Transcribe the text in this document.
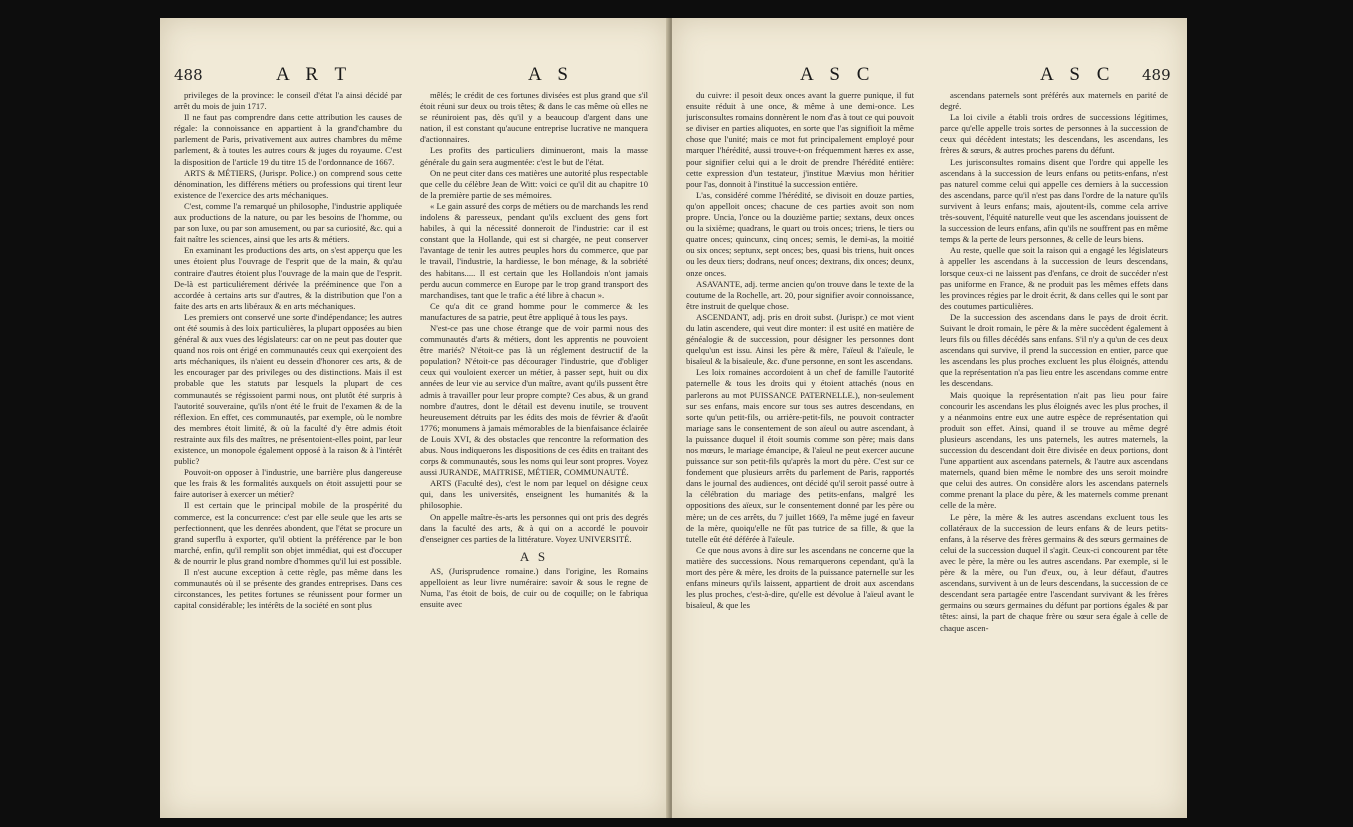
488	A R T	A S

privileges de la province: le conseil d'état l'a ainsi décidé par arrêt du mois de juin 1717.

Il ne faut pas comprendre dans cette attribution les causes de régale: la connoissance en appartient à la grand'chambre du parlement de Paris, privativement aux autres chambres du même parlement, & à toutes les autres cours & juges du royaume. C'est la disposition de l'article 19 du titre 15 de l'ordonnance de 1667.

ARTS & MÉTIERS, (Jurispr. Police.) on comprend sous cette dénomination, les différens métiers ou professions qui tirent leur existence de l'exercice des arts méchaniques.

C'est, comme l'a remarqué un philosophe, l'industrie appliquée aux productions de la nature, ou par les besoins de l'homme, ou par son luxe, ou par son amusement, ou par sa curiosité, &c. qui a fait naître les sciences, ainsi que les arts & métiers.

En examinant les productions des arts, on s'est apperçu que les unes étoient plus l'ouvrage de l'esprit que de la main, & qu'au contraire d'autres étoient plus l'ouvrage de la main que de l'esprit. De-là est particuliérement dérivée la prééminence que l'on a accordée à certains arts sur d'autres, & la distribution que l'on a faite des arts en arts libéraux & en arts méchaniques.

Les premiers ont conservé une sorte d'indépendance; les autres ont été soumis à des loix particulières, la plupart opposées au bien général & aux vues des législateurs: car on ne peut pas douter que quand nos rois ont érigé en communautés ceux qui exerçoient des arts méchaniques, ils n'aient eu dessein d'honorer ces arts, & de les encourager par des privileges ou des distinctions. Mais il est probable que les statuts par lesquels la plupart de ces communautés se régissoient parmi nous, ont plutôt été surpris à l'autorité souveraine, qu'ils n'ont été le fruit de l'examen & de la réflexion. En effet, ces communautés, par exemple, où le nombre des membres étoit limité, & où la faculté d'y être admis étoit restrainte aux fils des maîtres, ne présentoient-elles point, par leur existence, un monopole également opposé à la raison & à l'intérêt public?

Pouvoit-on opposer à l'industrie, une barrière plus dangereuse que les frais & les formalités auxquels on étoit assujetti pour se faire autoriser à exercer un métier?

Il est certain que le principal mobile de la prospérité du commerce, est la concurrence: c'est par elle seule que les arts se perfectionnent, que les denrées abondent, que l'état se procure un grand superflu à exporter, qu'il obtient la préférence par le bon marché, enfin, qu'il remplit son objet immédiat, qui est d'occuper & de nourrir le plus grand nombre d'hommes qu'il lui est possible.

Il n'est aucune exception à cette règle, pas même dans les communautés où il se présente des grandes entreprises. Dans ces circonstances, les petites fortunes se réunissent pour former un capital considérable; les intérêts de la société en sont plus

mêlés; le crédit de ces fortunes divisées est plus grand que s'il étoit réuni sur deux ou trois têtes; & dans le cas même où elles ne se réuniroient pas, dès qu'il y a beaucoup d'argent dans une nation, il est constant qu'aucune entreprise lucrative ne manquera d'actionnaires.

Les profits des particuliers diminueront, mais la masse générale du gain sera augmentée: c'est le but de l'état.

On ne peut citer dans ces matières une autorité plus respectable que celle du célèbre Jean de Witt: voici ce qu'il dit au chapitre 10 de la première partie de ses mémoires.

« Le gain assuré des corps de métiers ou de marchands les rend indolens & paresseux, pendant qu'ils excluent des gens fort habiles, à qui la nécessité donneroit de l'industrie: car il est constant que la Hollande, qui est si chargée, ne peut conserver l'avantage de tenir les autres peuples hors du commerce, que par le travail, l'industrie, la hardiesse, le bon ménage, & la sobriété des habitans..... Il est certain que les Hollandois n'ont jamais perdu aucun commerce en Europe par le trop grand transport des marchandises, tant que le trafic a été libre à chacun ».

Ce qu'a dit ce grand homme pour le commerce & les manufactures de sa patrie, peut être appliqué à tous les pays.

N'est-ce pas une chose étrange que de voir parmi nous des communautés d'arts & métiers, dont les apprentis ne pouvoient être mariés? N'étoit-ce pas là un réglement destructif de la population? N'étoit-ce pas décourager l'industrie, que d'obliger ceux qui vouloient exercer un métier, à passer sept, huit ou dix années de leur vie au service d'un maître, avant qu'ils pussent être admis à travailler pour leur propre compte? Ces abus, & un grand nombre d'autres, dont le détail est devenu inutile, se trouvent heureusement détruits par les édits des mois de février & d'août 1776; monumens à jamais mémorables de la bienfaisance éclairée de Louis XVI, & des obstacles que rencontre la reformation des abus. Nous indiquerons les dispositions de ces édits en traitant des corps & communautés, sous les noms qui leur sont propres. Voyez aussi JURANDE, MAITRISE, MÉTIER, COMMUNAUTÉ.

ARTS (Faculté des), c'est le nom par lequel on désigne ceux qui, dans les universités, enseignent les humanités & la philosophie.

On appelle maître-ès-arts les personnes qui ont pris des degrés dans la faculté des arts, & à qui on a accordé le pouvoir d'enseigner ces parties de la littérature. Voyez UNIVERSITÉ.

A S

AS, (Jurisprudence romaine.) dans l'origine, les Romains appelloient as leur livre numéraire: savoir & sous le regne de Numa, l'as étoit de bois, de cuir ou de coquille; on le fabriqua ensuite avec

A S C	A S C 489

du cuivre: il pesoit deux onces avant la guerre punique, il fut ensuite réduit à une once, & même à une demi-once. Les jurisconsultes romains donnèrent le nom d'as à tout ce qui pouvoit se diviser en parties aliquotes, en sorte que l'as signifioit la même chose que l'unité; mais ce mot fut principalement employé pour marquer l'hérédité, aussi trouve-t-on fréquemment hæres ex asse, pour signifier celui qui a le droit de prendre l'hérédité entière: cette expression d'un testateur, j'institue Mævius mon héritier pour l'as, donnoit à l'institué la succession entière.

L'as, considéré comme l'hérédité, se divisoit en douze parties, qu'on appelloit onces; chacune de ces parties avoit son nom propre. Uncia, l'once ou la douzième partie; sextans, deux onces ou la sixième; quadrans, le quart ou trois onces; triens, le tiers ou quatre onces; quincunx, cinq onces; semis, le demi-as, la moitié ou six onces; septunx, sept onces; bes, quasi bis triens, huit onces ou les deux tiers; dodrans, neuf onces; dextrans, dix onces; deunx, onze onces.

ASAVANTE, adj. terme ancien qu'on trouve dans le texte de la coutume de la Rochelle, art. 20, pour signifier avoir connoissance, être instruit de quelque chose.

ASCENDANT, adj. pris en droit subst. (Jurispr.) ce mot vient du latin ascendere, qui veut dire monter: il est usité en matière de généalogie & de succession, pour désigner les personnes dont quelqu'un est issu. Ainsi les père & mère, l'aïeul & l'aïeule, le bisaïeul & la bisaïeule, &c. d'une personne, en sont les ascendans.

Les loix romaines accordoient à un chef de famille l'autorité paternelle & tous les droits qui y étoient attachés (nous en parlerons au mot PUISSANCE PATERNELLE.), non-seulement sur ses enfans, mais encore sur tous ses autres descendans, en sorte qu'un petit-fils, ou arrière-petit-fils, ne pouvoit contracter mariage sans le consentement de son aïeul ou autre ascendant, à la puissance duquel il étoit soumis comme son père; mais dans nos mœurs, le mariage émancipe, & l'aïeul ne peut exercer aucune puissance sur son petit-fils qu'après la mort du père. C'est sur ce fondement que plusieurs arrêts du parlement de Paris, rapportés dans le journal des audiences, ont décidé qu'il seroit passé outre à la célébration du mariage des petits-enfans, malgré les oppositions des aïeux, sur le consentement donné par les père ou mère; un de ces arrêts, du 7 juillet 1669, l'a même jugé en faveur de la mère, quoiqu'elle ne fût pas tutrice de sa fille, & que la tutelle eût été déférée à l'aïeule.

Ce que nous avons à dire sur les ascendans ne concerne que la matière des successions. Nous remarquerons cependant, qu'à la mort des père & mère, les droits de la puissance paternelle sur les enfans mineurs qu'ils laissent, appartient de droit aux ascendans les plus proches, c'est-à-dire, qu'elle est dévolue à l'aïeul avant le bisaïeul, & que les

ascendans paternels sont préférés aux maternels en parité de degré.

La loi civile a établi trois ordres de successions légitimes, parce qu'elle appelle trois sortes de personnes à la succession de ceux qui décèdent intestats; les descendans, les ascendans, les frères & sœurs, & autres proches parens du défunt.

Les jurisconsultes romains disent que l'ordre qui appelle les ascendans à la succession de leurs enfans ou petits-enfans, n'est pas naturel comme celui qui appelle ces derniers à la succession des ascendans, parce qu'il n'est pas dans l'ordre de la nature qu'ils survivent à leurs enfans; mais, ajoutent-ils, comme cela arrive très-souvent, l'équité naturelle veut que les ascendans jouissent de la succession de leurs enfans, afin qu'ils ne souffrent pas en même temps & la perte de leurs personnes, & celle de leurs biens.

Au reste, quelle que soit la raison qui a engagé les législateurs à appeller les ascendans à la succession de leurs descendans, lorsque ceux-ci ne laissent pas d'enfans, ce droit de succéder n'est pas uniforme en France, & ne produit pas les mêmes effets dans les provinces régies par le droit écrit, & dans celles qui le sont par des coutumes particulières.

De la succession des ascendans dans le pays de droit écrit. Suivant le droit romain, le père & la mère succèdent également à leurs fils ou filles décédés sans enfans. S'il n'y a qu'un de ces deux ascendans qui survive, il prend la succession en entier, parce que les ascendans les plus proches excluent les plus éloignés, attendu que la représentation n'a pas lieu entre les ascendans comme entre les descendans.

Mais quoique la représentation n'ait pas lieu pour faire concourir les ascendans les plus éloignés avec les plus proches, il y a néanmoins entre eux une autre espèce de représentation qui produit son effet. Ainsi, quand il se trouve au même degré plusieurs ascendans, les uns paternels, les autres maternels, la succession du descendant doit être divisée en deux portions, dont l'une appartient aux ascendans paternels, & l'autre aux ascendans maternels, quand bien même le nombre des uns seroit moindre que celui des autres. On considère alors les ascendans paternels comme prenant la place du père, & les maternels comme prenant celle de la mère.

Le père, la mère & les autres ascendans excluent tous les collatéraux de la succession de leurs enfans & de leurs petits-enfans, à la réserve des frères germains & des sœurs germaines de celui de la succession duquel il s'agit. Ceux-ci concourent par tête avec le père, la mère ou les autres ascendans. Par exemple, si le père & la mère, ou l'un d'eux, ou, à leur défaut, d'autres ascendans, survivent à un de leurs descendans, la succession de ce descendant sera partagée entre l'ascendant survivant & les frères germains ou sœurs germaines du défunt par portions égales & par têtes: ainsi, la part de chaque frère ou sœur sera égale à celle de chaque ascen-
